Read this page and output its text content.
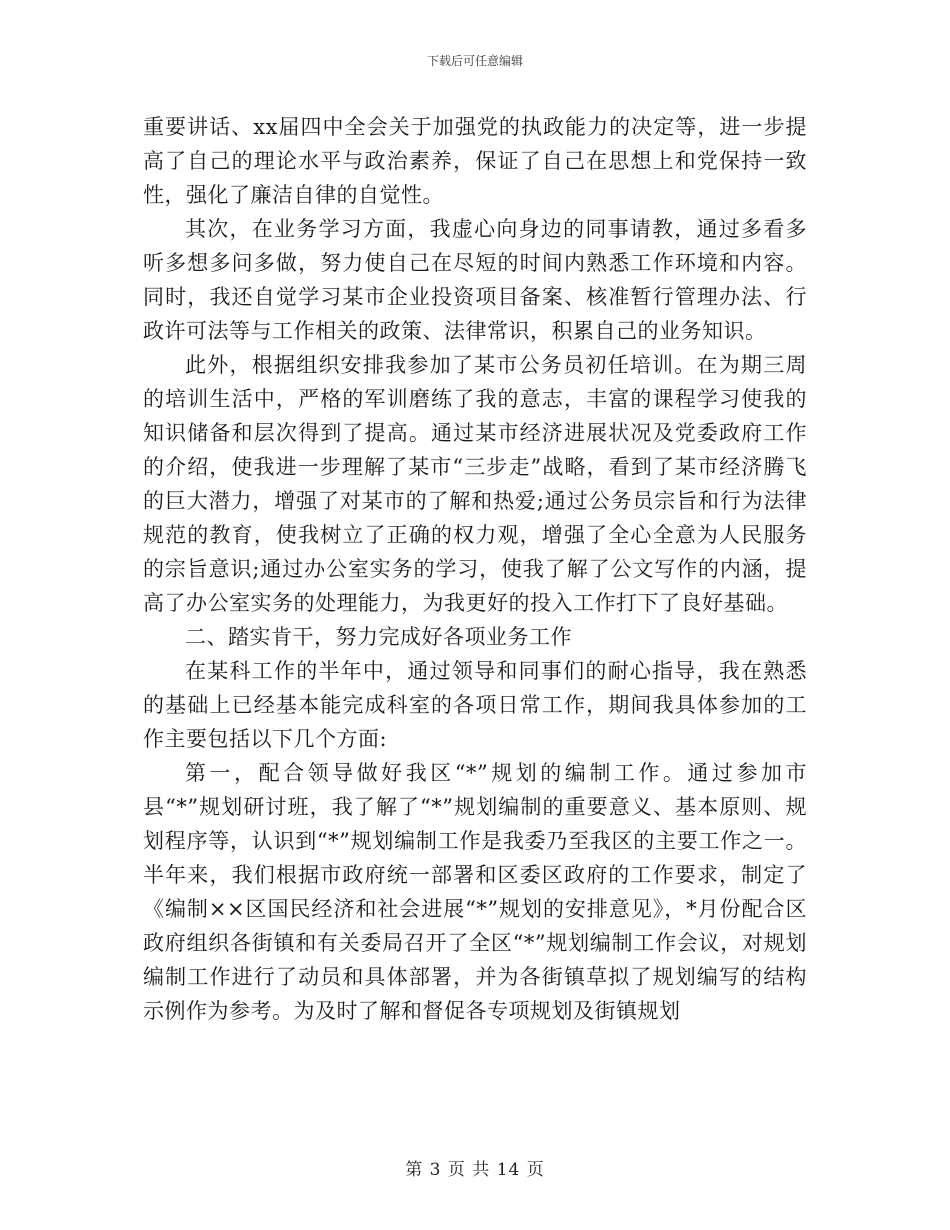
下载后可任意编辑

重要讲话、xx届四中全会关于加强党的执政能力的决定等，进一步提高了自己的理论水平与政治素养，保证了自己在思想上和党保持一致性，强化了廉洁自律的自觉性。

其次，在业务学习方面，我虚心向身边的同事请教，通过多看多听多想多问多做，努力使自己在尽短的时间内熟悉工作环境和内容。同时，我还自觉学习某市企业投资项目备案、核准暂行管理办法、行政许可法等与工作相关的政策、法律常识，积累自己的业务知识。

此外，根据组织安排我参加了某市公务员初任培训。在为期三周的培训生活中，严格的军训磨练了我的意志，丰富的课程学习使我的知识储备和层次得到了提高。通过某市经济进展状况及党委政府工作的介绍，使我进一步理解了某市“三步走”战略，看到了某市经济腾飞的巨大潜力，增强了对某市的了解和热爱;通过公务员宗旨和行为法律规范的教育，使我树立了正确的权力观，增强了全心全意为人民服务的宗旨意识;通过办公室实务的学习，使我了解了公文写作的内涵，提高了办公室实务的处理能力，为我更好的投入工作打下了良好基础。

二、踏实肯干，努力完成好各项业务工作

在某科工作的半年中，通过领导和同事们的耐心指导，我在熟悉的基础上已经基本能完成科室的各项日常工作，期间我具体参加的工作主要包括以下几个方面:

第一，配合领导做好我区“*”规划的编制工作。通过参加市县“*”规划研讨班，我了解了“*”规划编制的重要意义、基本原则、规划程序等，认识到“*”规划编制工作是我委乃至我区的主要工作之一。半年来，我们根据市政府统一部署和区委区政府的工作要求，制定了《编制××区国民经济和社会进展“*”规划的安排意见》，*月份配合区政府组织各街镇和有关委局召开了全区“*”规划编制工作会议，对规划编制工作进行了动员和具体部署，并为各街镇草拟了规划编写的结构示例作为参考。为及时了解和督促各专项规划及街镇规划

第 3 页 共 14 页
